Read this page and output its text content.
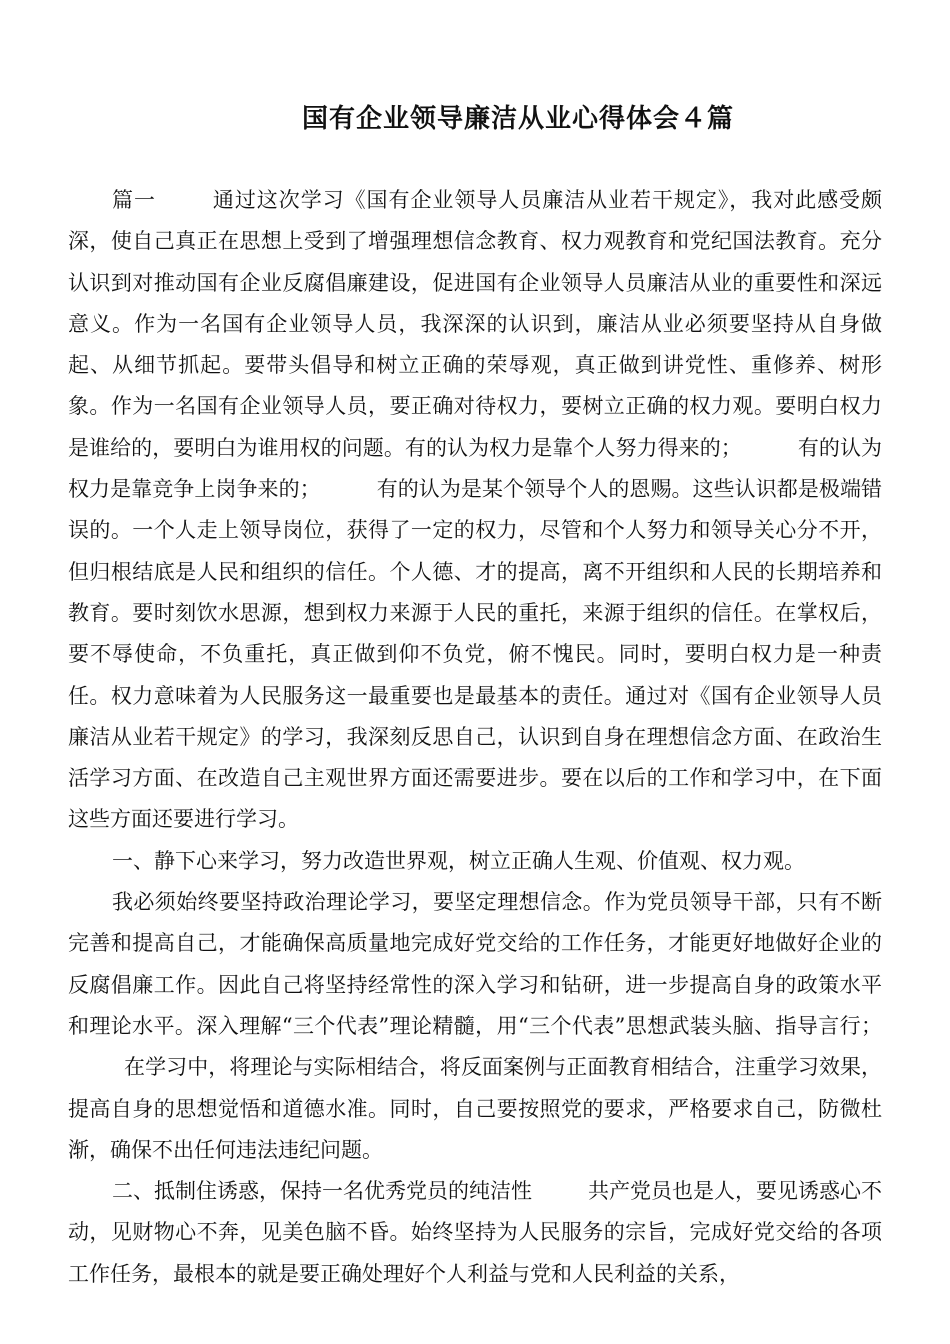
国有企业领导廉洁从业心得体会４篇

篇一	通过这次学习《国有企业领导人员廉洁从业若干规定》，我对此感受颇深，使自己真正在思想上受到了增强理想信念教育、权力观教育和党纪国法教育。充分认识到对推动国有企业反腐倡廉建设，促进国有企业领导人员廉洁从业的重要性和深远意义。作为一名国有企业领导人员，我深深的认识到，廉洁从业必须要坚持从自身做起、从细节抓起。要带头倡导和树立正确的荣辱观，真正做到讲党性、重修养、树形象。作为一名国有企业领导人员，要正确对待权力，要树立正确的权力观。要明白权力是谁给的，要明白为谁用权的问题。有的认为权力是靠个人努力得来的；	有的认为权力是靠竞争上岗争来的；	有的认为是某个领导个人的恩赐。这些认识都是极端错误的。一个人走上领导岗位，获得了一定的权力，尽管和个人努力和领导关心分不开，但归根结底是人民和组织的信任。个人德、才的提高，离不开组织和人民的长期培养和教育。要时刻饮水思源，想到权力来源于人民的重托，来源于组织的信任。在掌权后，要不辱使命，不负重托，真正做到仰不负党，俯不愧民。同时，要明白权力是一种责任。权力意味着为人民服务这一最重要也是最基本的责任。通过对《国有企业领导人员廉洁从业若干规定》的学习，我深刻反思自己，认识到自身在理想信念方面、在政治生活学习方面、在改造自己主观世界方面还需要进步。要在以后的工作和学习中，在下面这些方面还要进行学习。

一、静下心来学习，努力改造世界观，树立正确人生观、价值观、权力观。

我必须始终要坚持政治理论学习，要坚定理想信念。作为党员领导干部，只有不断完善和提高自己，才能确保高质量地完成好党交给的工作任务，才能更好地做好企业的反腐倡廉工作。因此自己将坚持经常性的深入学习和钻研，进一步提高自身的政策水平和理论水平。深入理解“三个代表”理论精髓，用“三个代表”思想武装头脑、指导言行；在学习中，将理论与实际相结合，将反面案例与正面教育相结合，注重学习效果，提高自身的思想觉悟和道德水准。同时，自己要按照党的要求，严格要求自己，防微杜渐，确保不出任何违法违纪问题。

二、抵制住诱惑，保持一名优秀党员的纯洁性	共产党员也是人，要见诱惑心不动，见财物心不奔，见美色脑不昏。始终坚持为人民服务的宗旨，完成好党交给的各项工作任务，最根本的就是要正确处理好个人利益与党和人民利益的关系，
